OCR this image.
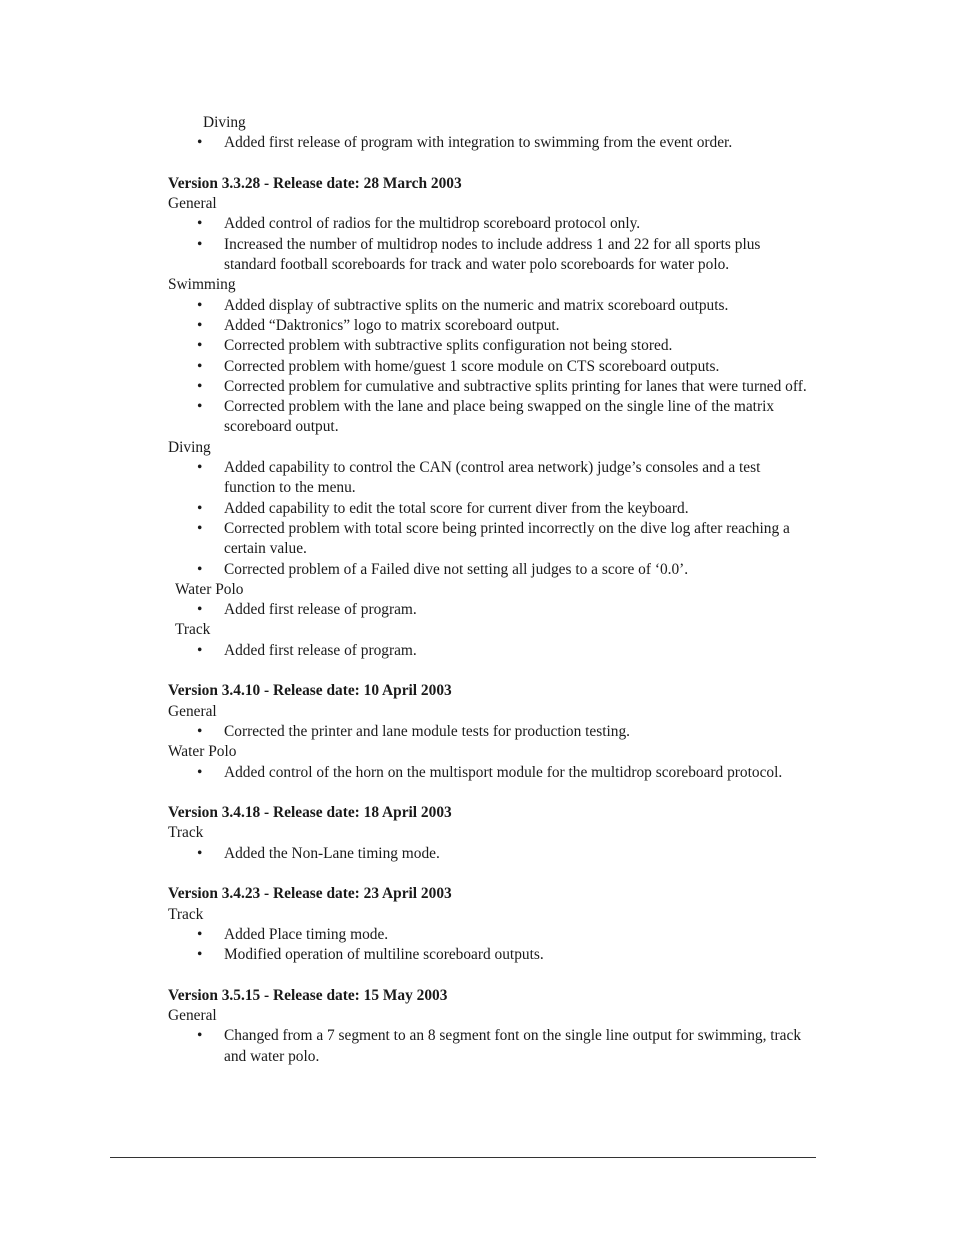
Diving

• Added first release of program with integration to swimming from the event order.

Version 3.3.28 - Release date: 28 March 2003

General

• Added control of radios for the multidrop scoreboard protocol only.
• Increased the number of multidrop nodes to include address 1 and 22 for all sports plus standard football scoreboards for track and water polo scoreboards for water polo.

Swimming

• Added display of subtractive splits on the numeric and matrix scoreboard outputs.
• Added “Daktronics” logo to matrix scoreboard output.
• Corrected problem with subtractive splits configuration not being stored.
• Corrected problem with home/guest 1 score module on CTS scoreboard outputs.
• Corrected problem for cumulative and subtractive splits printing for lanes that were turned off.
• Corrected problem with the lane and place being swapped on the single line of the matrix scoreboard output.

Diving

• Added capability to control the CAN (control area network) judge’s consoles and a test function to the menu.
• Added capability to edit the total score for current diver from the keyboard.
• Corrected problem with total score being printed incorrectly on the dive log after reaching a certain value.
• Corrected problem of a Failed dive not setting all judges to a score of ‘0.0’.

Water Polo

• Added first release of program.

Track

• Added first release of program.

Version 3.4.10 - Release date: 10 April 2003

General

• Corrected the printer and lane module tests for production testing.

Water Polo

• Added control of the horn on the multisport module for the multidrop scoreboard protocol.

Version 3.4.18 - Release date: 18 April 2003

Track

• Added the Non-Lane timing mode.

Version 3.4.23 - Release date: 23 April 2003

Track

• Added Place timing mode.
• Modified operation of multiline scoreboard outputs.

Version 3.5.15 - Release date: 15 May 2003

General

• Changed from a 7 segment to an 8 segment font on the single line output for swimming, track and water polo.
